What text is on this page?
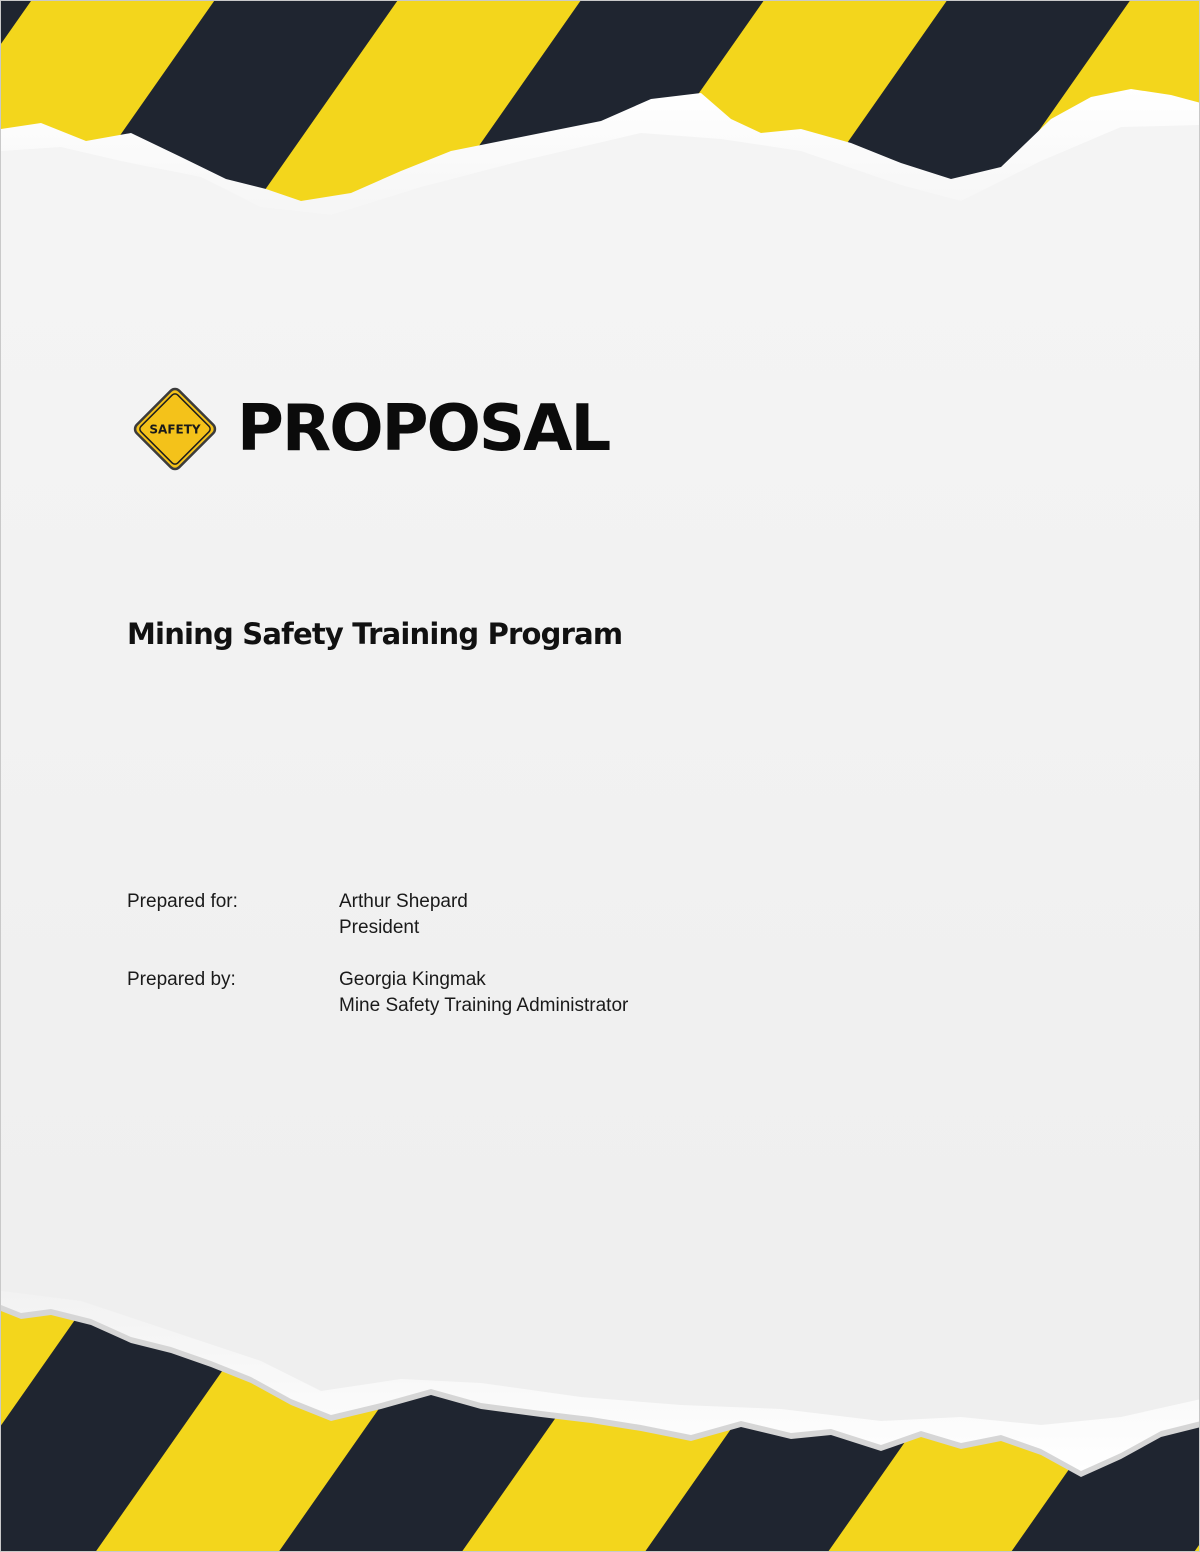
SAFETY PROPOSAL
Mining Safety Training Program
Prepared for:	Arthur Shepard
President
Prepared by:	Georgia Kingmak
Mine Safety Training Administrator
